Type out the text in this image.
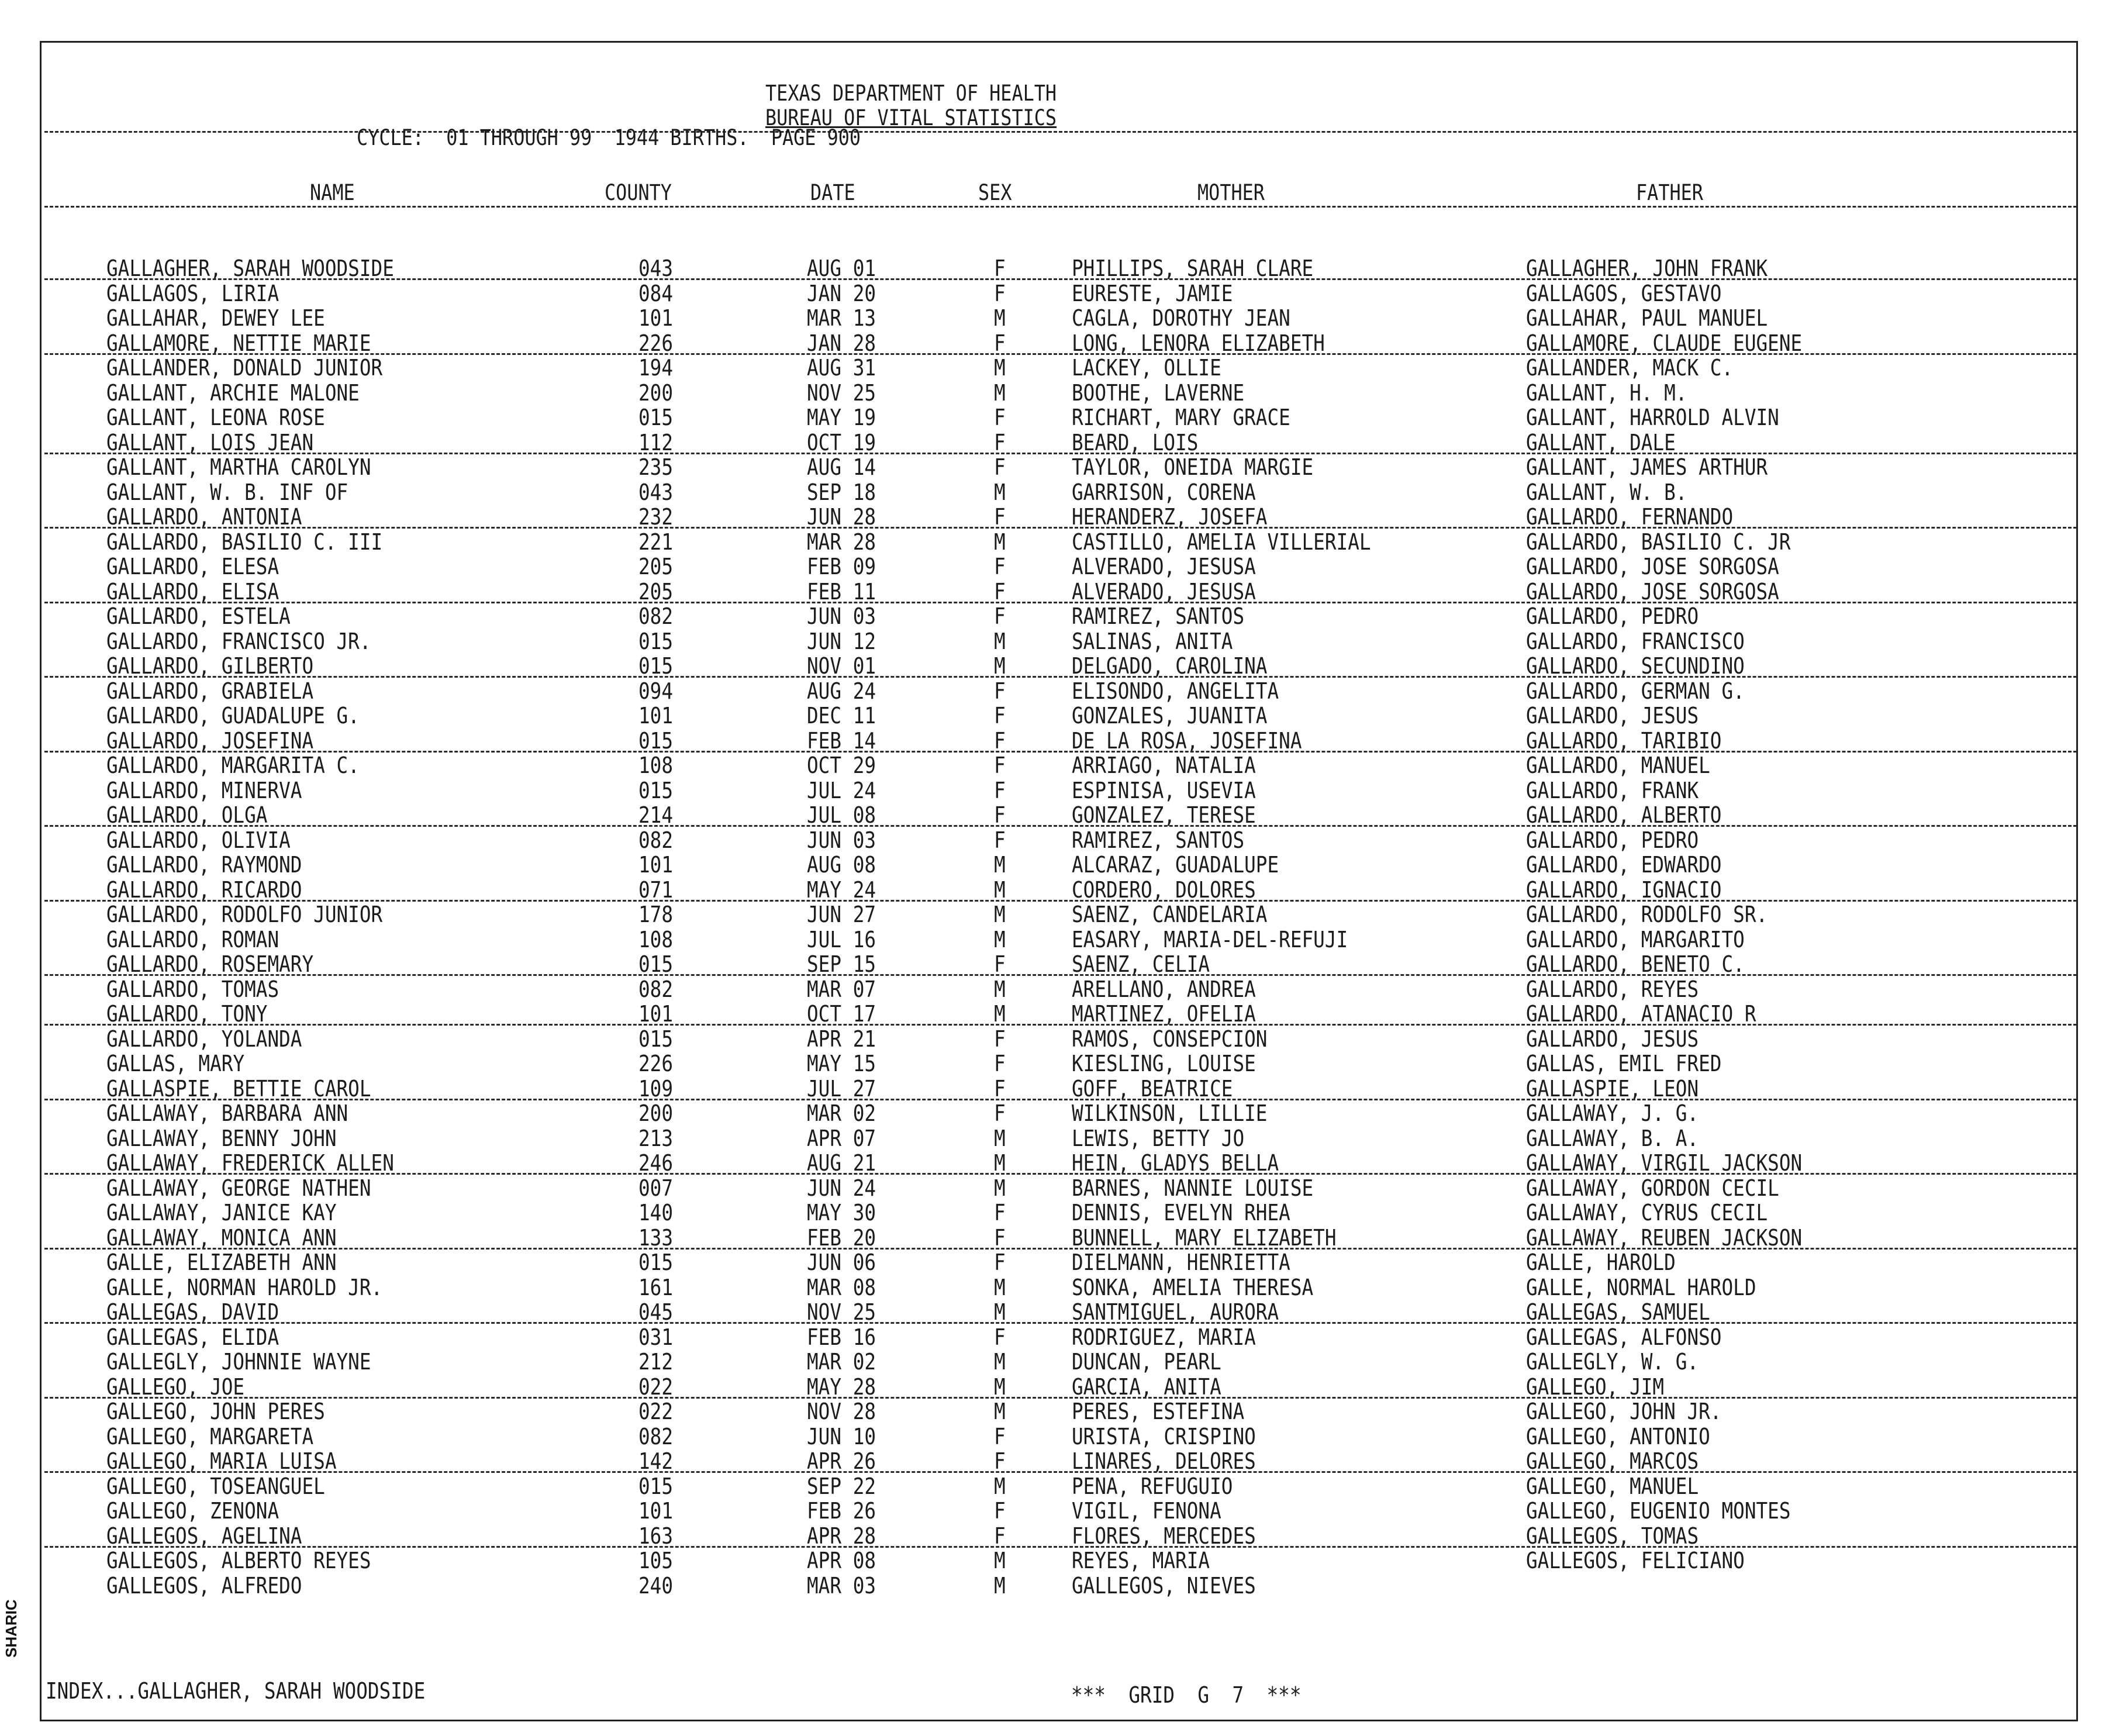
SHARIC
TEXAS DEPARTMENT OF HEALTH
BUREAU OF VITAL STATISTICS
CYCLE:  01 THROUGH 99  1944 BIRTHS.  PAGE 900
NAME	COUNTY	DATE	SEX	MOTHER	FATHER
GALLAGHER, SARAH WOODSIDE	043	AUG 01	F	PHILLIPS, SARAH CLARE	GALLAGHER, JOHN FRANK
GALLAGOS, LIRIA	084	JAN 20	F	EURESTE, JAMIE	GALLAGOS, GESTAVO
GALLAHAR, DEWEY LEE	101	MAR 13	M	CAGLA, DOROTHY JEAN	GALLAHAR, PAUL MANUEL
GALLAMORE, NETTIE MARIE	226	JAN 28	F	LONG, LENORA ELIZABETH	GALLAMORE, CLAUDE EUGENE
GALLANDER, DONALD JUNIOR	194	AUG 31	M	LACKEY, OLLIE	GALLANDER, MACK C.
GALLANT, ARCHIE MALONE	200	NOV 25	M	BOOTHE, LAVERNE	GALLANT, H. M.
GALLANT, LEONA ROSE	015	MAY 19	F	RICHART, MARY GRACE	GALLANT, HARROLD ALVIN
GALLANT, LOIS JEAN	112	OCT 19	F	BEARD, LOIS	GALLANT, DALE
GALLANT, MARTHA CAROLYN	235	AUG 14	F	TAYLOR, ONEIDA MARGIE	GALLANT, JAMES ARTHUR
GALLANT, W. B. INF OF	043	SEP 18	M	GARRISON, CORENA	GALLANT, W. B.
GALLARDO, ANTONIA	232	JUN 28	F	HERANDERZ, JOSEFA	GALLARDO, FERNANDO
GALLARDO, BASILIO C. III	221	MAR 28	M	CASTILLO, AMELIA VILLERIAL	GALLARDO, BASILIO C. JR
GALLARDO, ELESA	205	FEB 09	F	ALVERADO, JESUSA	GALLARDO, JOSE SORGOSA
GALLARDO, ELISA	205	FEB 11	F	ALVERADO, JESUSA	GALLARDO, JOSE SORGOSA
GALLARDO, ESTELA	082	JUN 03	F	RAMIREZ, SANTOS	GALLARDO, PEDRO
GALLARDO, FRANCISCO JR.	015	JUN 12	M	SALINAS, ANITA	GALLARDO, FRANCISCO
GALLARDO, GILBERTO	015	NOV 01	M	DELGADO, CAROLINA	GALLARDO, SECUNDINO
GALLARDO, GRABIELA	094	AUG 24	F	ELISONDO, ANGELITA	GALLARDO, GERMAN G.
GALLARDO, GUADALUPE G.	101	DEC 11	F	GONZALES, JUANITA	GALLARDO, JESUS
GALLARDO, JOSEFINA	015	FEB 14	F	DE LA ROSA, JOSEFINA	GALLARDO, TARIBIO
GALLARDO, MARGARITA C.	108	OCT 29	F	ARRIAGO, NATALIA	GALLARDO, MANUEL
GALLARDO, MINERVA	015	JUL 24	F	ESPINISA, USEVIA	GALLARDO, FRANK
GALLARDO, OLGA	214	JUL 08	F	GONZALEZ, TERESE	GALLARDO, ALBERTO
GALLARDO, OLIVIA	082	JUN 03	F	RAMIREZ, SANTOS	GALLARDO, PEDRO
GALLARDO, RAYMOND	101	AUG 08	M	ALCARAZ, GUADALUPE	GALLARDO, EDWARDO
GALLARDO, RICARDO	071	MAY 24	M	CORDERO, DOLORES	GALLARDO, IGNACIO
GALLARDO, RODOLFO JUNIOR	178	JUN 27	M	SAENZ, CANDELARIA	GALLARDO, RODOLFO SR.
GALLARDO, ROMAN	108	JUL 16	M	EASARY, MARIA-DEL-REFUJI	GALLARDO, MARGARITO
GALLARDO, ROSEMARY	015	SEP 15	F	SAENZ, CELIA	GALLARDO, BENETO C.
GALLARDO, TOMAS	082	MAR 07	M	ARELLANO, ANDREA	GALLARDO, REYES
GALLARDO, TONY	101	OCT 17	M	MARTINEZ, OFELIA	GALLARDO, ATANACIO R
GALLARDO, YOLANDA	015	APR 21	F	RAMOS, CONSEPCION	GALLARDO, JESUS
GALLAS, MARY	226	MAY 15	F	KIESLING, LOUISE	GALLAS, EMIL FRED
GALLASPIE, BETTIE CAROL	109	JUL 27	F	GOFF, BEATRICE	GALLASPIE, LEON
GALLAWAY, BARBARA ANN	200	MAR 02	F	WILKINSON, LILLIE	GALLAWAY, J. G.
GALLAWAY, BENNY JOHN	213	APR 07	M	LEWIS, BETTY JO	GALLAWAY, B. A.
GALLAWAY, FREDERICK ALLEN	246	AUG 21	M	HEIN, GLADYS BELLA	GALLAWAY, VIRGIL JACKSON
GALLAWAY, GEORGE NATHEN	007	JUN 24	M	BARNES, NANNIE LOUISE	GALLAWAY, GORDON CECIL
GALLAWAY, JANICE KAY	140	MAY 30	F	DENNIS, EVELYN RHEA	GALLAWAY, CYRUS CECIL
GALLAWAY, MONICA ANN	133	FEB 20	F	BUNNELL, MARY ELIZABETH	GALLAWAY, REUBEN JACKSON
GALLE, ELIZABETH ANN	015	JUN 06	F	DIELMANN, HENRIETTA	GALLE, HAROLD
GALLE, NORMAN HAROLD JR.	161	MAR 08	M	SONKA, AMELIA THERESA	GALLE, NORMAL HAROLD
GALLEGAS, DAVID	045	NOV 25	M	SANTMIGUEL, AURORA	GALLEGAS, SAMUEL
GALLEGAS, ELIDA	031	FEB 16	F	RODRIGUEZ, MARIA	GALLEGAS, ALFONSO
GALLEGLY, JOHNNIE WAYNE	212	MAR 02	M	DUNCAN, PEARL	GALLEGLY, W. G.
GALLEGO, JOE	022	MAY 28	M	GARCIA, ANITA	GALLEGO, JIM
GALLEGO, JOHN PERES	022	NOV 28	M	PERES, ESTEFINA	GALLEGO, JOHN JR.
GALLEGO, MARGARETA	082	JUN 10	F	URISTA, CRISPINO	GALLEGO, ANTONIO
GALLEGO, MARIA LUISA	142	APR 26	F	LINARES, DELORES	GALLEGO, MARCOS
GALLEGO, TOSEANGUEL	015	SEP 22	M	PENA, REFUGUIO	GALLEGO, MANUEL
GALLEGO, ZENONA	101	FEB 26	F	VIGIL, FENONA	GALLEGO, EUGENIO MONTES
GALLEGOS, AGELINA	163	APR 28	F	FLORES, MERCEDES	GALLEGOS, TOMAS
GALLEGOS, ALBERTO REYES	105	APR 08	M	REYES, MARIA	GALLEGOS, FELICIANO
GALLEGOS, ALFREDO	240	MAR 03	M	GALLEGOS, NIEVES
INDEX...GALLAGHER, SARAH WOODSIDE	***  GRID  G  7  ***
